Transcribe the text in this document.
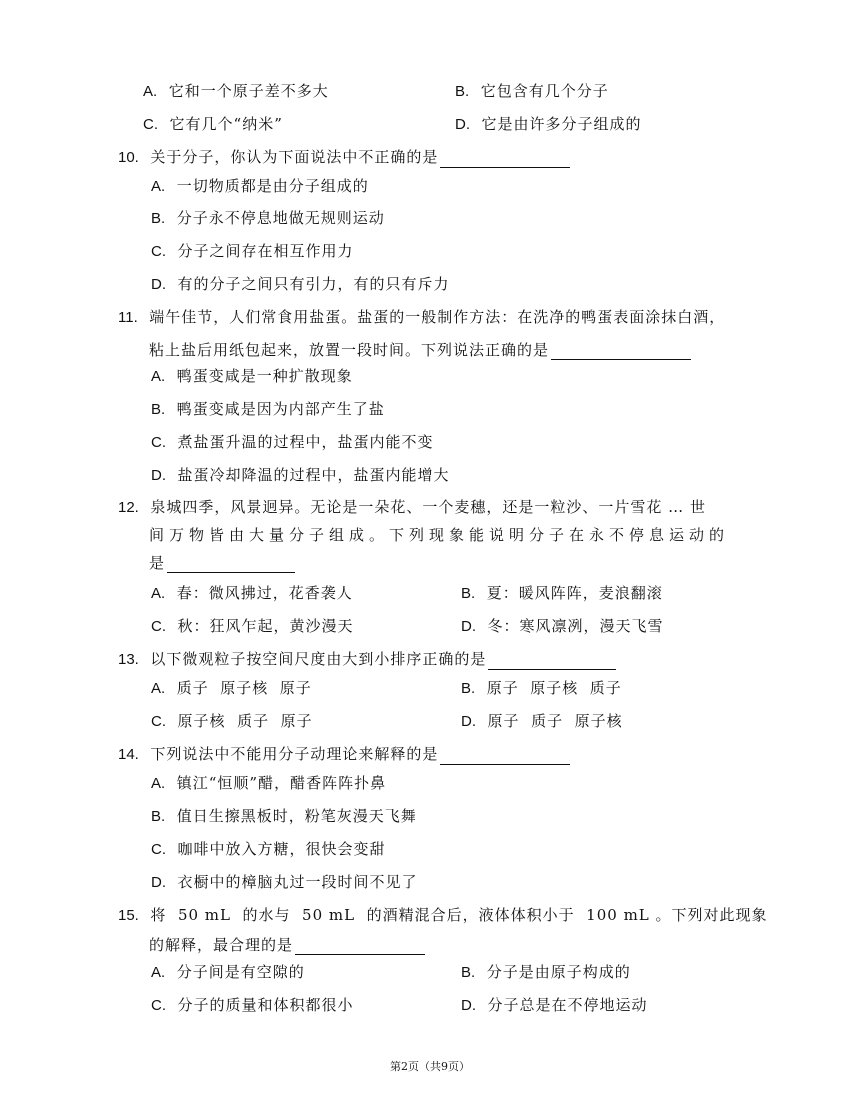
A. 它和一个原子差不多大	B. 它包含有几个分子
C. 它有几个“纳米”	D. 它是由许多分子组成的
10. 关于分子，你认为下面说法中不正确的是
A. 一切物质都是由分子组成的
B. 分子永不停息地做无规则运动
C. 分子之间存在相互作用力
D. 有的分子之间只有引力，有的只有斥力
11. 端午佳节，人们常食用盐蛋。盐蛋的一般制作方法：在洗净的鸭蛋表面涂抹白酒，
粘上盐后用纸包起来，放置一段时间。下列说法正确的是
A. 鸭蛋变咸是一种扩散现象
B. 鸭蛋变咸是因为内部产生了盐
C. 煮盐蛋升温的过程中，盐蛋内能不变
D. 盐蛋冷却降温的过程中，盐蛋内能增大
12. 泉城四季，风景迥异。无论是一朵花、一个麦穗，还是一粒沙、一片雪花 … 世
间万物皆由大量分子组成。下列现象能说明分子在永不停息运动的
是
A. 春：微风拂过，花香袭人	B. 夏：暖风阵阵，麦浪翻滚
C. 秋：狂风乍起，黄沙漫天	D. 冬：寒风凛冽，漫天飞雪
13. 以下微观粒子按空间尺度由大到小排序正确的是
A. 质子  原子核  原子	B. 原子  原子核  质子
C. 原子核  质子  原子	D. 原子  质子  原子核
14. 下列说法中不能用分子动理论来解释的是
A. 镇江“恒顺”醋，醋香阵阵扑鼻
B. 值日生擦黑板时，粉笔灰漫天飞舞
C. 咖啡中放入方糖，很快会变甜
D. 衣橱中的樟脑丸过一段时间不见了
15. 将  50 mL  的水与  50 mL  的酒精混合后，液体体积小于  100 mL 。下列对此现象
的解释，最合理的是
A. 分子间是有空隙的	B. 分子是由原子构成的
C. 分子的质量和体积都很小	D. 分子总是在不停地运动
第2页（共9页）
